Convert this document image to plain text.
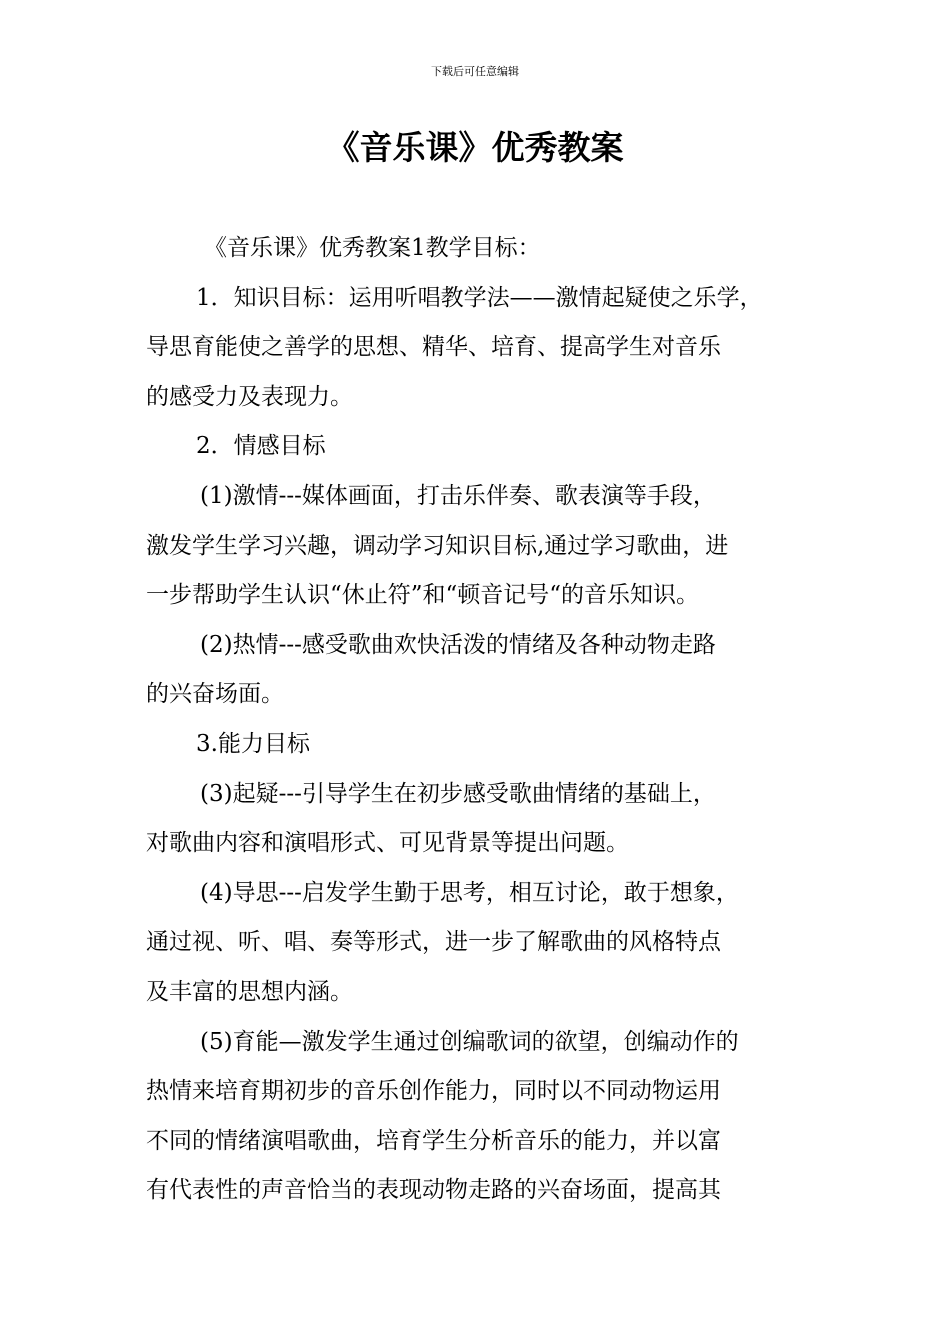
下载后可任意编辑
《音乐课》优秀教案
《音乐课》优秀教案1教学目标：
1．知识目标：运用听唱教学法——激情起疑使之乐学，
导思育能使之善学的思想、精华、培育、提高学生对音乐
的感受力及表现力。
2．情感目标
(1)激情---媒体画面，打击乐伴奏、歌表演等手段，
激发学生学习兴趣，调动学习知识目标,通过学习歌曲，进
一步帮助学生认识“休止符”和“顿音记号“的音乐知识。
(2)热情---感受歌曲欢快活泼的情绪及各种动物走路
的兴奋场面。
3.能力目标
(3)起疑---引导学生在初步感受歌曲情绪的基础上，
对歌曲内容和演唱形式、可见背景等提出问题。
(4)导思---启发学生勤于思考，相互讨论，敢于想象，
通过视、听、唱、奏等形式，进一步了解歌曲的风格特点
及丰富的思想内涵。
(5)育能—激发学生通过创编歌词的欲望，创编动作的
热情来培育期初步的音乐创作能力，同时以不同动物运用
不同的情绪演唱歌曲，培育学生分析音乐的能力，并以富
有代表性的声音恰当的表现动物走路的兴奋场面，提高其
